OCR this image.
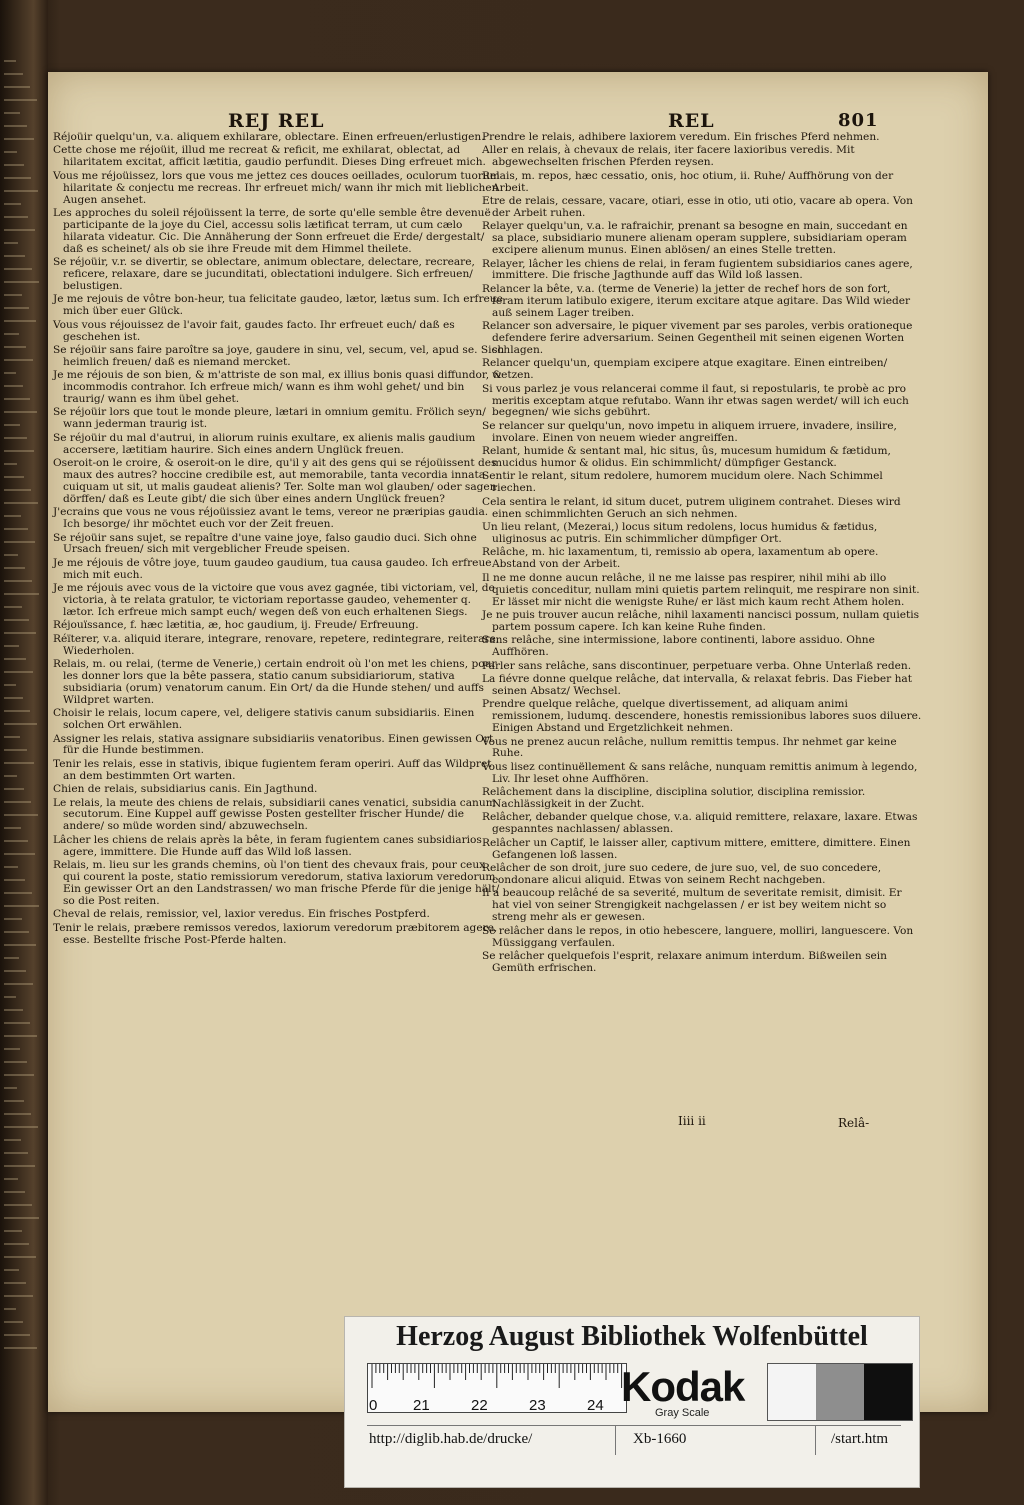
REJ REL	REL	801
Réjoüir quelqu'un, v.a. aliquem exhilarare, oblectare. Einen erfreuen/erlustigen.
Cette chose me réjoüit, illud me recreat & reficit, me exhilarat, oblectat, ad hilaritatem excitat, afficit lætitia, gaudio perfundit. Dieses Ding erfreuet mich.
Vous me réjoüissez, lors que vous me jettez ces douces oeillades, oculorum tuorum hilaritate & conjectu me recreas. Ihr erfreuet mich/ wann ihr mich mit lieblichen Augen ansehet.
Les approches du soleil réjoüissent la terre, de sorte qu'elle semble être devenuë participante de la joye du Ciel, accessu solis lætificat terram, ut cum cælo hilarata videatur. Cic. Die Annäherung der Sonn erfreuet die Erde/ dergestalt/ daß es scheinet/ als ob sie ihre Freude mit dem Himmel theilete.
Se réjoüir, v.r. se divertir, se oblectare, animum oblectare, delectare, recreare, reficere, relaxare, dare se jucunditati, oblectationi indulgere. Sich erfreuen/ belustigen.
Je me rejouis de vôtre bon-heur, tua felicitate gaudeo, lætor, lætus sum. Ich erfreue mich über euer Glück.
Vous vous réjouissez de l'avoir fait, gaudes facto. Ihr erfreuet euch/ daß es geschehen ist.
Se réjoüir sans faire paroître sa joye, gaudere in sinu, vel, secum, vel, apud se. Sich heimlich freuen/ daß es niemand mercket.
Je me réjouis de son bien, & m'attriste de son mal, ex illius bonis quasi diffundor, & incommodis contrahor. Ich erfreue mich/ wann es ihm wohl gehet/ und bin traurig/ wann es ihm übel gehet.
Se réjoüir lors que tout le monde pleure, lætari in omnium gemitu. Frölich seyn/ wann jederman traurig ist.
Se réjoüir du mal d'autrui, in aliorum ruinis exultare, ex alienis malis gaudium accersere, lætitiam haurire. Sich eines andern Unglück freuen.
Oseroit-on le croire, & oseroit-on le dire, qu'il y ait des gens qui se réjoüissent des maux des autres? hoccine credibile est, aut memorabile, tanta vecordia innata cuiquam ut sit, ut malis gaudeat alienis? Ter. Solte man wol glauben/ oder sagen dörffen/ daß es Leute gibt/ die sich über eines andern Unglück freuen?
J'ecrains que vous ne vous réjoüissiez avant le tems, vereor ne præripias gaudia. Ich besorge/ ihr möchtet euch vor der Zeit freuen.
Se réjoüir sans sujet, se repaître d'une vaine joye, falso gaudio duci. Sich ohne Ursach freuen/ sich mit vergeblicher Freude speisen.
Je me réjouis de vôtre joye, tuum gaudeo gaudium, tua causa gaudeo. Ich erfreue mich mit euch.
Je me réjouis avec vous de la victoire que vous avez gagnée, tibi victoriam, vel, de victoria, à te relata gratulor, te victoriam reportasse gaudeo, vehementer q. lætor. Ich erfreue mich sampt euch/ wegen deß von euch erhaltenen Siegs.
Réjouïssance, f. hæc lætitia, æ, hoc gaudium, ij. Freude/ Erfreuung.
Réïterer, v.a. aliquid iterare, integrare, renovare, repetere, redintegrare, reiterare. Wiederholen.
Relais, m. ou relai, (terme de Venerie,) certain endroit où l'on met les chiens, pour les donner lors que la bête passera, statio canum subsidiariorum, stativa subsidiaria (orum) venatorum canum. Ein Ort/ da die Hunde stehen/ und auffs Wildpret warten.
Choisir le relais, locum capere, vel, deligere stativis canum subsidiariis. Einen solchen Ort erwählen.
Assigner les relais, stativa assignare subsidiariis venatoribus. Einen gewissen Ort für die Hunde bestimmen.
Tenir les relais, esse in stativis, ibique fugientem feram operiri. Auff das Wildpret an dem bestimmten Ort warten.
Chien de relais, subsidiarius canis. Ein Jagthund.
Le relais, la meute des chiens de relais, subsidiarii canes venatici, subsidia canum secutorum. Eine Kuppel auff gewisse Posten gestellter frischer Hunde/ die andere/ so müde worden sind/ abzuwechseln.
Lâcher les chiens de relais après la bête, in feram fugientem canes subsidiarios agere, immittere. Die Hunde auff das Wild loß lassen.
Relais, m. lieu sur les grands chemins, où l'on tient des chevaux frais, pour ceux qui courent la poste, statio remissiorum veredorum, stativa laxiorum veredorum. Ein gewisser Ort an den Landstrassen/ wo man frische Pferde für die jenige hält/ so die Post reiten.
Cheval de relais, remissior, vel, laxior veredus. Ein frisches Postpferd.
Tenir le relais, præbere remissos veredos, laxiorum veredorum præbitorem agere, esse. Bestellte frische Post-Pferde halten.
Prendre le relais, adhibere laxiorem veredum. Ein frisches Pferd nehmen.
Aller en relais, à chevaux de relais, iter facere laxioribus veredis. Mit abgewechselten frischen Pferden reysen.
Relais, m. repos, hæc cessatio, onis, hoc otium, ii. Ruhe/ Auffhörung von der Arbeit.
Etre de relais, cessare, vacare, otiari, esse in otio, uti otio, vacare ab opera. Von der Arbeit ruhen.
Relayer quelqu'un, v.a. le rafraichir, prenant sa besogne en main, succedant en sa place, subsidiario munere alienam operam supplere, subsidiariam operam excipere alienum munus. Einen ablösen/ an eines Stelle tretten.
Relayer, lâcher les chiens de relai, in feram fugientem subsidiarios canes agere, immittere. Die frische Jagthunde auff das Wild loß lassen.
Relancer la bête, v.a. (terme de Venerie) la jetter de rechef hors de son fort, feram iterum latibulo exigere, iterum excitare atque agitare. Das Wild wieder auß seinem Lager treiben.
Relancer son adversaire, le piquer vivement par ses paroles, verbis orationeque defendere ferire adversarium. Seinen Gegentheil mit seinen eigenen Worten schlagen.
Relancer quelqu'un, quempiam excipere atque exagitare. Einen eintreiben/ wetzen.
Si vous parlez je vous relancerai comme il faut, si repostularis, te probè ac pro meritis exceptam atque refutabo. Wann ihr etwas sagen werdet/ will ich euch begegnen/ wie sichs gebührt.
Se relancer sur quelqu'un, novo impetu in aliquem irruere, invadere, insilire, involare. Einen von neuem wieder angreiffen.
Relant, humide & sentant mal, hic situs, ûs, mucesum humidum & fætidum, mucidus humor & olidus. Ein schimmlicht/ dümpfiger Gestanck.
Sentir le relant, situm redolere, humorem mucidum olere. Nach Schimmel riechen.
Cela sentira le relant, id situm ducet, putrem uliginem contrahet. Dieses wird einen schimmlichten Geruch an sich nehmen.
Un lieu relant, (Mezerai,) locus situm redolens, locus humidus & fætidus, uliginosus ac putris. Ein schimmlicher dümpfiger Ort.
Relâche, m. hic laxamentum, ti, remissio ab opera, laxamentum ab opere. Abstand von der Arbeit.
Il ne me donne aucun relâche, il ne me laisse pas respirer, nihil mihi ab illo quietis conceditur, nullam mini quietis partem relinquit, me respirare non sinit. Er lässet mir nicht die wenigste Ruhe/ er läst mich kaum recht Athem holen.
Je ne puis trouver aucun relâche, nihil laxamenti nancisci possum, nullam quietis partem possum capere. Ich kan keine Ruhe finden.
Sans relâche, sine intermissione, labore continenti, labore assiduo. Ohne Auffhören.
Parler sans relâche, sans discontinuer, perpetuare verba. Ohne Unterlaß reden.
La fiévre donne quelque relâche, dat intervalla, & relaxat febris. Das Fieber hat seinen Absatz/ Wechsel.
Prendre quelque relâche, quelque divertissement, ad aliquam animi remissionem, ludumq. descendere, honestis remissionibus labores suos diluere. Einigen Abstand und Ergetzlichkeit nehmen.
Vous ne prenez aucun relâche, nullum remittis tempus. Ihr nehmet gar keine Ruhe.
Vous lisez continuëllement & sans relâche, nunquam remittis animum à legendo, Liv. Ihr leset ohne Auffhören.
Relâchement dans la discipline, disciplina solutior, disciplina remissior. Nachlässigkeit in der Zucht.
Relâcher, debander quelque chose, v.a. aliquid remittere, relaxare, laxare. Etwas gespanntes nachlassen/ ablassen.
Relâcher un Captif, le laisser aller, captivum mittere, emittere, dimittere. Einen Gefangenen loß lassen.
Relâcher de son droit, jure suo cedere, de jure suo, vel, de suo concedere, condonare alicui aliquid. Etwas von seinem Recht nachgeben.
Il a beaucoup relâché de sa severité, multum de severitate remisit, dimisit. Er hat viel von seiner Strengigkeit nachgelassen / er ist bey weitem nicht so streng mehr als er gewesen.
Se relâcher dans le repos, in otio hebescere, languere, molliri, languescere. Von Müssiggang verfaulen.
Se relâcher quelquefois l'esprit, relaxare animum interdum. Bißweilen sein Gemüth erfrischen.
Iiii ii	Relâ-
Herzog August Bibliothek Wolfenbüttel
0 21	22	23	24 Kodak
Gray Scale
http://diglib.hab.de/drucke/	Xb-1660	/start.htm
